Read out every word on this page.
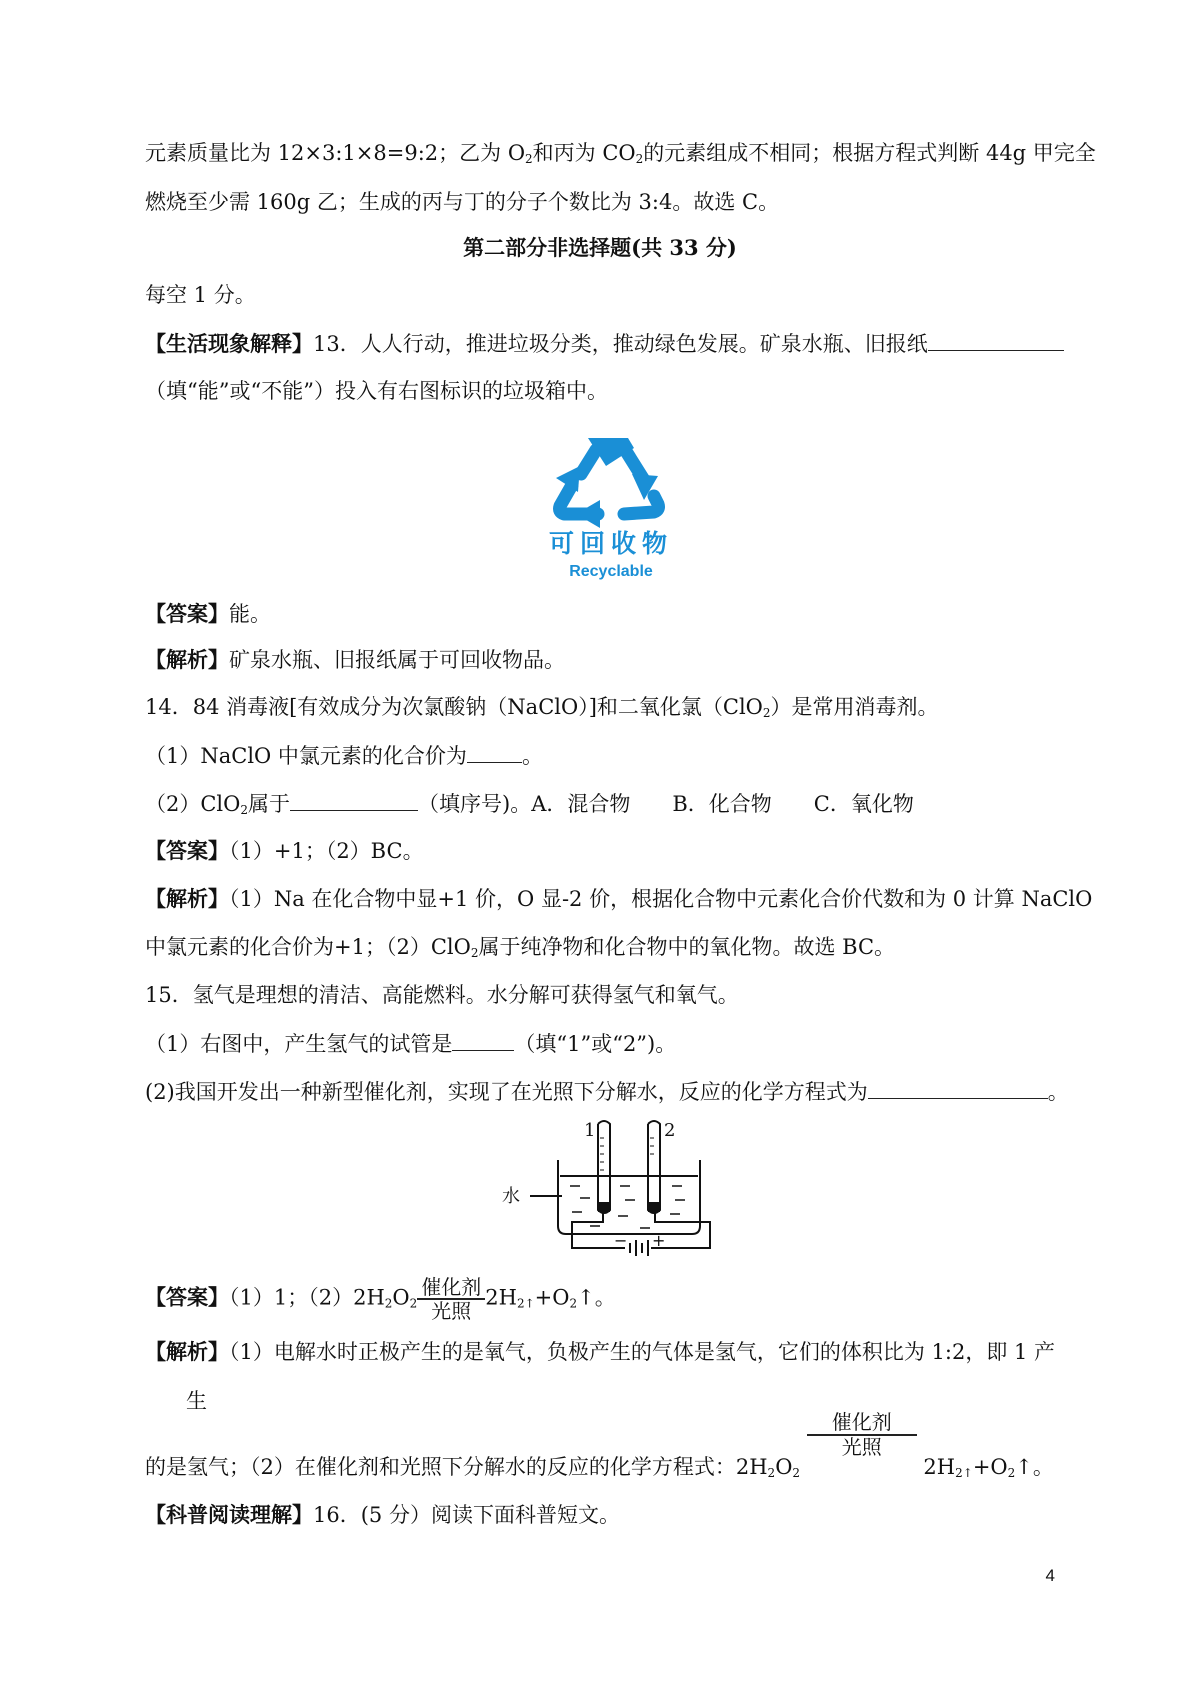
元素质量比为 12×3:1×8=9:2；乙为 $O_2$和丙为 $CO_2$的元素组成不相同；根据方程式判断 44g 甲完全
燃烧至少需 160g 乙；生成的丙与丁的分子个数比为 3:4。故选 C。
第二部分非选择题(共 33 分)
每空 1 分。
【生活现象解释】13．人人行动，推进垃圾分类，推动绿色发展。矿泉水瓶、旧报纸
（填“能”或“不能”）投入有右图标识的垃圾箱中。
可回收物
Recyclable
【答案】能。
【解析】矿泉水瓶、旧报纸属于可回收物品。
14．84 消毒液[有效成分为次氯酸钠（NaClO）]和二氧化氯（ClO$_2$）是常用消毒剂。
（1）NaClO 中氯元素的化合价为	。
（2）ClO$_2$属于	（填序号)。A．混合物　　B．化合物　　C．氧化物
【答案】（1）+1；（2）BC。
【解析】（1）Na 在化合物中显+1 价，O 显-2 价，根据化合物中元素化合价代数和为 0 计算 NaClO
中氯元素的化合价为+1；（2）ClO$_2$属于纯净物和化合物中的氧化物。故选 BC。
15．氢气是理想的清洁、高能燃料。水分解可获得氢气和氧气。
（1）右图中，产生氢气的试管是	（填“1”或“2”)。
(2)我国开发出一种新型催化剂，实现了在光照下分解水，反应的化学方程式为	。
− +
1	2
水
【答案】（1）1；$(2)2H_2O_2 \frac{\text{催化剂}}{\text{光照}}$ $2H_{2↑}+O_2↑$。
【解析】（1）电解水时正极产生的是氧气，负极产生的气体是氢气，它们的体积比为 1:2，即 1 产
生
的是氢气；（2）在催化剂和光照下分解水的反应的化学方程式：$2H_2O_2$
催化剂
光照
$2H_{2↑}+O_2↑$。
【科普阅读理解】16．(5 分）阅读下面科普短文。
4
